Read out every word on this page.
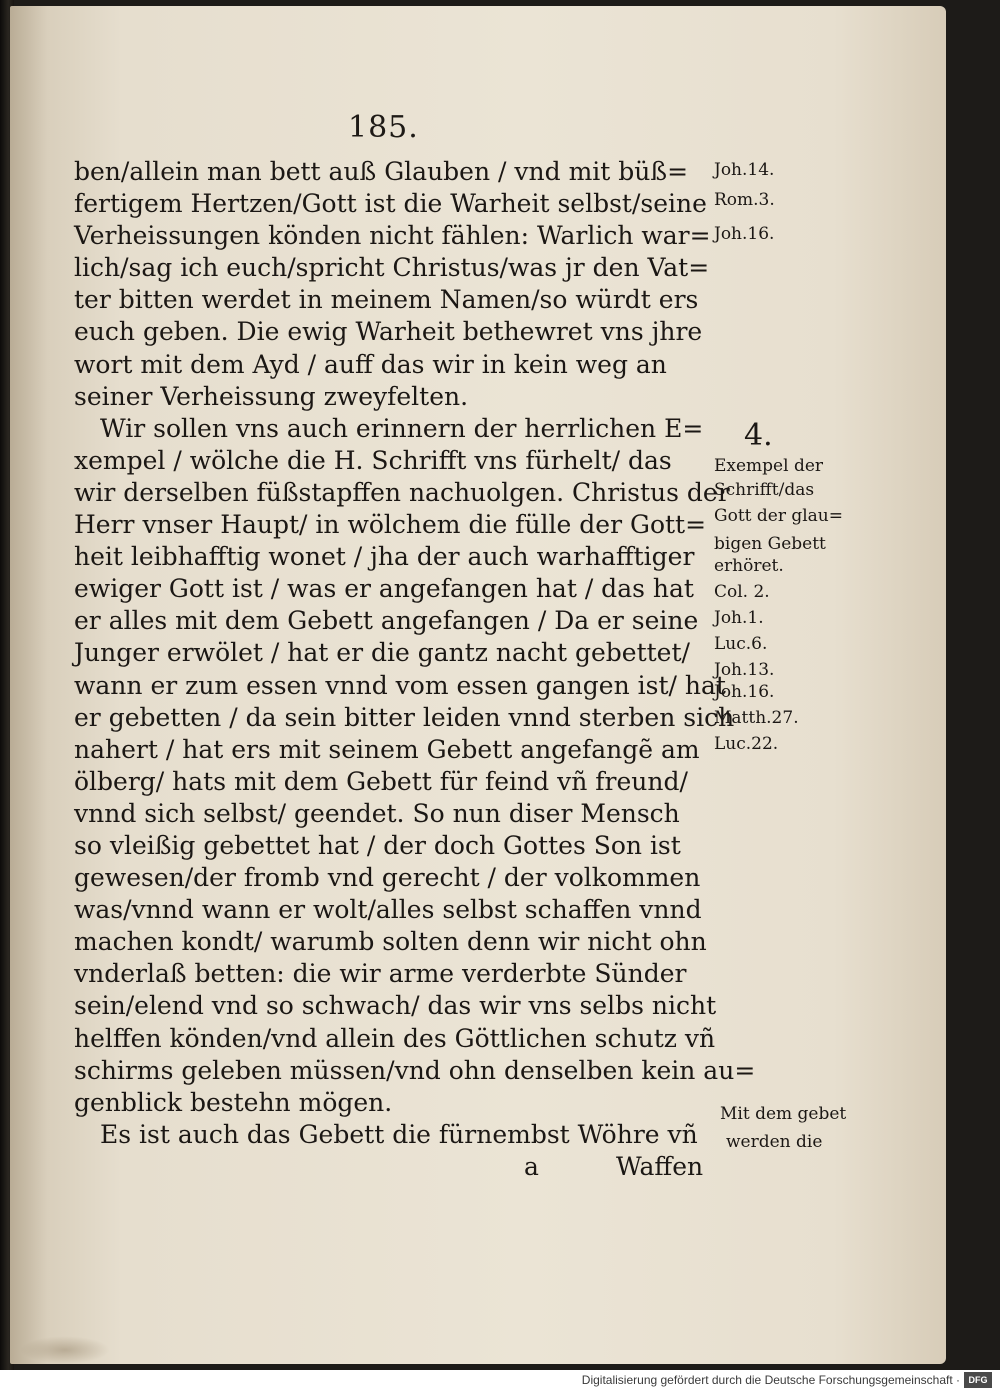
185.
ben/allein man bett auß Glauben / vnd mit büß=
fertigem Hertzen/Gott ist die Warheit selbst/seine
Verheissungen könden nicht fählen: Warlich war=
lich/sag ich euch/spricht Christus/was jr den Vat=
ter bitten werdet in meinem Namen/so würdt ers
euch geben. Die ewig Warheit bethewret vns jhre
wort mit dem Ayd / auff das wir in kein weg an
seiner Verheissung zweyfelten.
Wir sollen vns auch erinnern der herrlichen E=
xempel / wölche die H. Schrifft vns fürhelt/ das
wir derselben füßstapffen nachuolgen. Christus der
Herr vnser Haupt/ in wölchem die fülle der Gott=
heit leibhafftig wonet / jha der auch warhafftiger
ewiger Gott ist / was er angefangen hat / das hat
er alles mit dem Gebett angefangen / Da er seine
Junger erwölet / hat er die gantz nacht gebettet/
wann er zum essen vnnd vom essen gangen ist/ hat
er gebetten / da sein bitter leiden vnnd sterben sich
nahert / hat ers mit seinem Gebett angefangẽ am
ölberg/ hats mit dem Gebett für feind vñ freund/
vnnd sich selbst/ geendet. So nun diser Mensch
so vleißig gebettet hat / der doch Gottes Son ist
gewesen/der fromb vnd gerecht / der volkommen
was/vnnd wann er wolt/alles selbst schaffen vnnd
machen kondt/ warumb solten denn wir nicht ohn
vnderlaß betten: die wir arme verderbte Sünder
sein/elend vnd so schwach/ das wir vns selbs nicht
helffen könden/vnd allein des Göttlichen schutz vñ
schirms geleben müssen/vnd ohn denselben kein au=
genblick bestehn mögen.
Es ist auch das Gebett die fürnembst Wöhre vñ
a	Waffen
Joh.14.
Rom.3.
Joh.16.
4.
Exempel der
Schrifft/das
Gott der glau=
bigen Gebett
erhöret.
Col. 2.
Joh.1.
Luc.6.
Joh.13.
Joh.16.
Matth.27.
Luc.22.
Mit dem gebet
werden die
Digitalisierung gefördert durch die Deutsche Forschungsgemeinschaft · DFG
